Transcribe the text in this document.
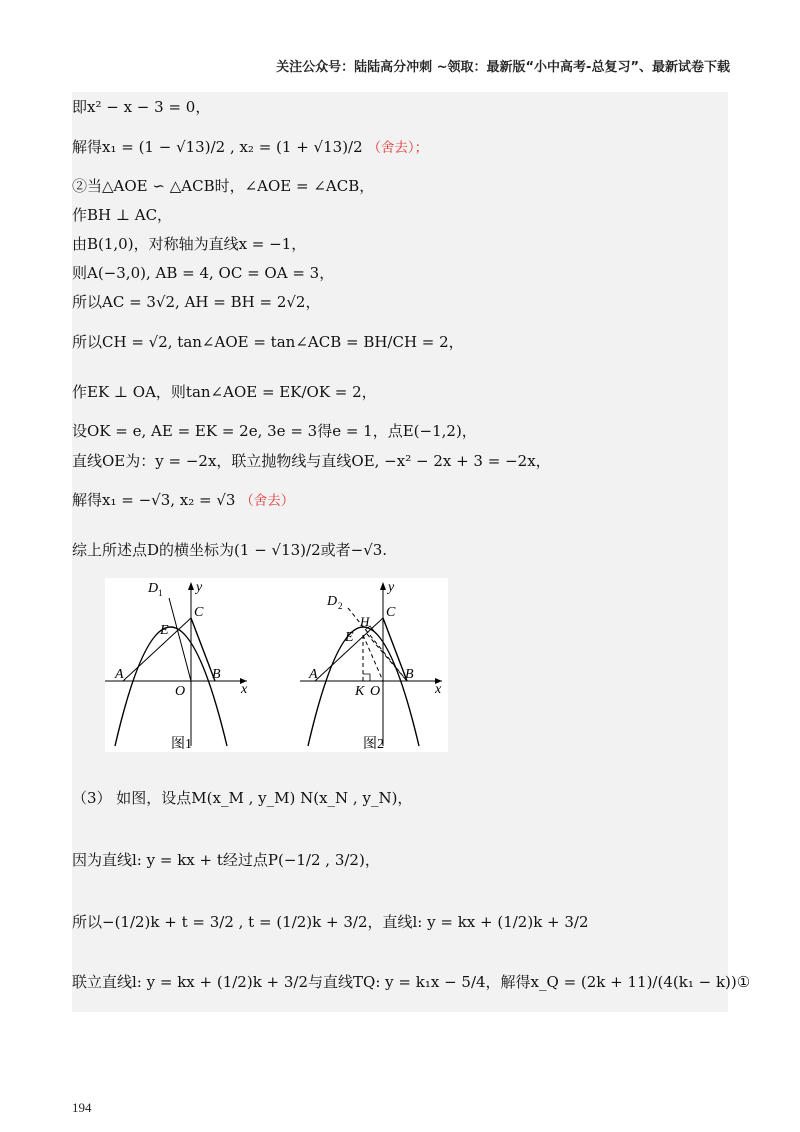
关注公众号：陆陆高分冲刺 ~领取：最新版“小中高考-总复习”、最新试卷下载
即x² − x − 3 = 0，
解得x₁ = (1 − √13)/2 , x₂ = (1 + √13)/2 （舍去）；
②当△AOE ∽ △ACB时，∠AOE = ∠ACB，
作BH ⊥ AC，
由B(1,0)，对称轴为直线x = −1，
则A(−3,0), AB = 4, OC = OA = 3，
所以AC = 3√2, AH = BH = 2√2，
所以CH = √2, tan∠AOE = tan∠ACB = BH/CH = 2，
作EK ⊥ OA，则tan∠AOE = EK/OK = 2，
设OK = e, AE = EK = 2e, 3e = 3得e = 1，点E(−1,2)，
直线OE为：y = −2x，联立抛物线与直线OE, −x² − 2x + 3 = −2x，
解得x₁ = −√3, x₂ = √3 （舍去）
综上所述点D的横坐标为(1 − √13)/2或者−√3.
D 1 y
C
E
A
O
B
x
图1
D 2
y
C
H
E
A
K O
B
x
图2
（3） 如图，设点M(x_M , y_M) N(x_N , y_N)，
因为直线l: y = kx + t经过点P(−1/2 , 3/2)，
所以−(1/2)k + t = 3/2 , t = (1/2)k + 3/2，直线l: y = kx + (1/2)k + 3/2
联立直线l: y = kx + (1/2)k + 3/2与直线TQ: y = k₁x − 5/4，解得x_Q = (2k + 11)/(4(k₁ − k))①
194
